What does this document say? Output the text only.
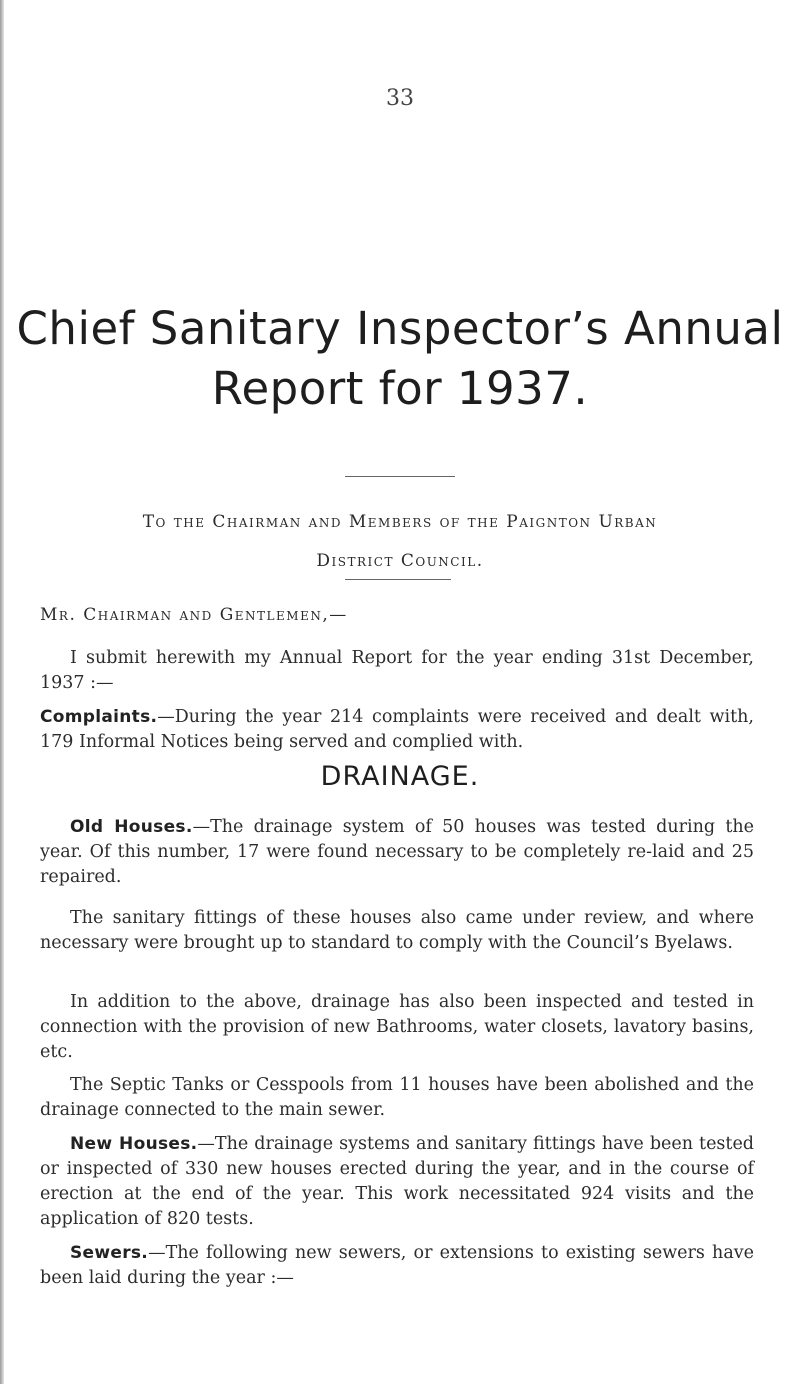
33
Chief Sanitary Inspector’s Annual
Report for 1937.
To the Chairman and Members of the Paignton Urban
District Council.
Mr. Chairman and Gentlemen,—
I submit herewith my Annual Report for the year ending 31st December, 1937 :—
Complaints.—During the year 214 complaints were received and dealt with, 179 Informal Notices being served and complied with.
DRAINAGE.
Old Houses.—The drainage system of 50 houses was tested during the year. Of this number, 17 were found necessary to be completely re-laid and 25 repaired.
The sanitary fittings of these houses also came under review, and where necessary were brought up to standard to comply with the Council’s Byelaws.
In addition to the above, drainage has also been inspected and tested in connection with the provision of new Bathrooms, water closets, lavatory basins, etc.
The Septic Tanks or Cesspools from 11 houses have been abolished and the drainage connected to the main sewer.
New Houses.—The drainage systems and sanitary fittings have been tested or inspected of 330 new houses erected during the year, and in the course of erection at the end of the year. This work necessitated 924 visits and the application of 820 tests.
Sewers.—The following new sewers, or extensions to existing sewers have been laid during the year :—
